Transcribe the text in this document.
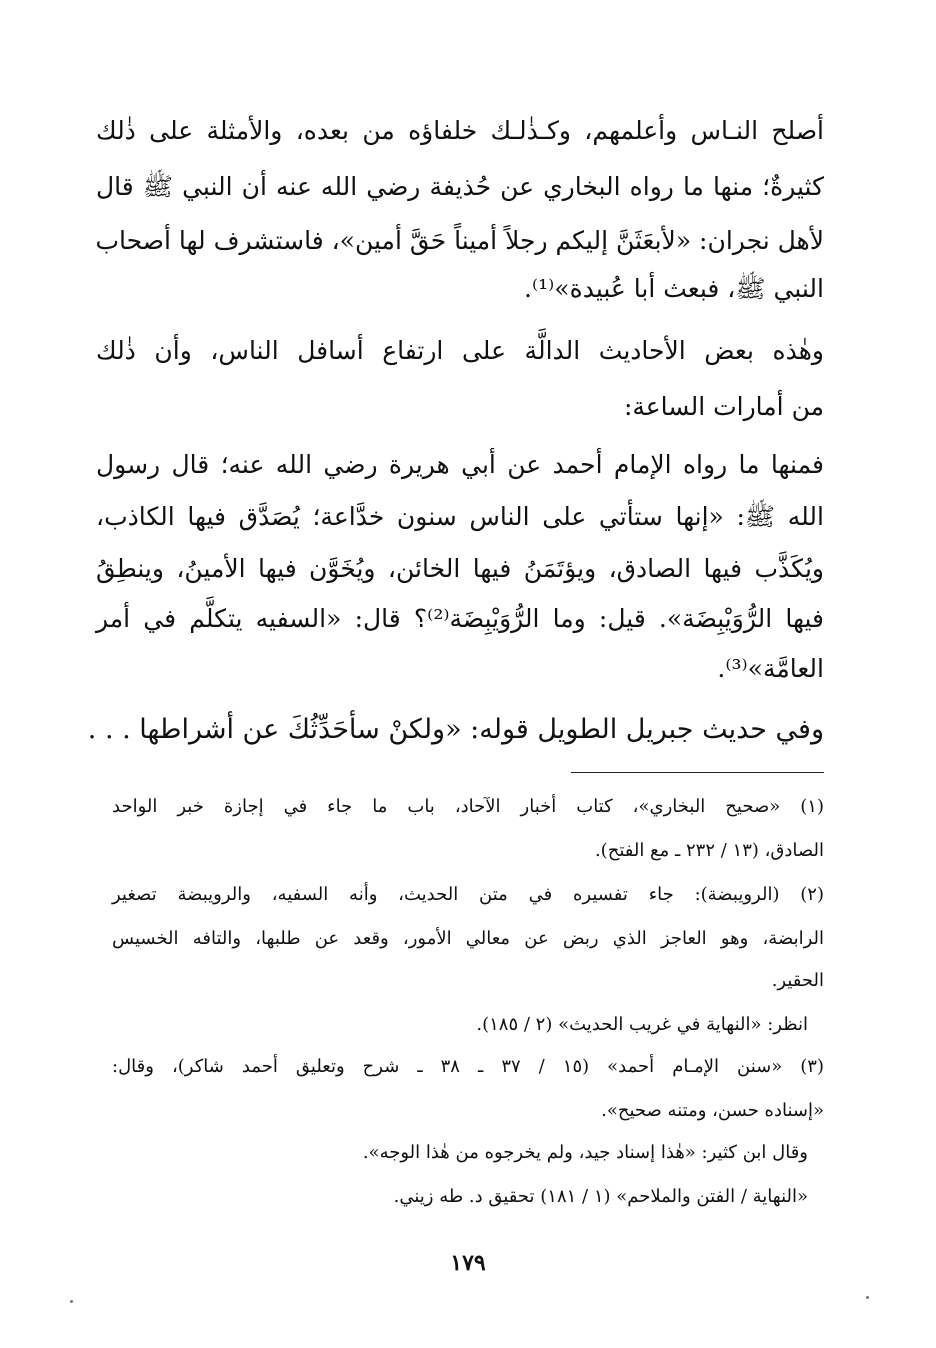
أصلح النـاس وأعلمهم، وكـذٰلـك خلفاؤه من بعده، والأمثلة على ذٰلك
كثيرةٌ؛ منها ما رواه البخاري عن حُذيفة رضي الله عنه أن النبي ﷺ قال
لأهل نجران: «لأبعَثَنَّ إليكم رجلاً أميناً حَقَّ أمين»، فاستشرف لها أصحاب
النبي ﷺ، فبعث أبا عُبيدة»⁽¹⁾.
وهٰذه بعض الأحاديث الدالَّة على ارتفاع أسافل الناس، وأن ذٰلك
من أمارات الساعة:
فمنها ما رواه الإمام أحمد عن أبي هريرة رضي الله عنه؛ قال رسول
الله ﷺ: «إنها ستأتي على الناس سنون خدَّاعة؛ يُصَدَّق فيها الكاذب،
ويُكَذَّب فيها الصادق، ويؤتَمَنُ فيها الخائن، ويُخَوَّن فيها الأمينُ، وينطِقُ
فيها الرُّوَيْبِضَة». قيل: وما الرُّوَيْبِضَة⁽²⁾؟ قال: «السفيه يتكلَّم في أمر
العامَّة»⁽³⁾.
وفي حديث جبريل الطويل قوله: «ولكنْ سأحَدِّثُكَ عن أشراطها . . .
(١) «صحيح البخاري»، كتاب أخبار الآحاد، باب ما جاء في إجازة خبر الواحد
الصادق، (١٣ / ٢٣٢ ـ مع الفتح).
(٢) (الرويبضة): جاء تفسيره في متن الحديث، وأنه السفيه، والرويبضة تصغير
الرابضة، وهو العاجز الذي ربض عن معالي الأمور، وقعد عن طلبها، والتافه الخسيس
الحقير.
انظر: «النهاية في غريب الحديث» (٢ / ١٨٥).
(٣) «سنن الإمـام أحمد» (١٥ / ٣٧ ـ ٣٨ ـ شرح وتعليق أحمد شاكر)، وقال:
«إسناده حسن، ومتنه صحيح».
وقال ابن كثير: «هٰذا إسناد جيد، ولم يخرجوه من هٰذا الوجه».
«النهاية / الفتن والملاحم» (١ / ١٨١) تحقيق د. طه زيني.
١٧٩
